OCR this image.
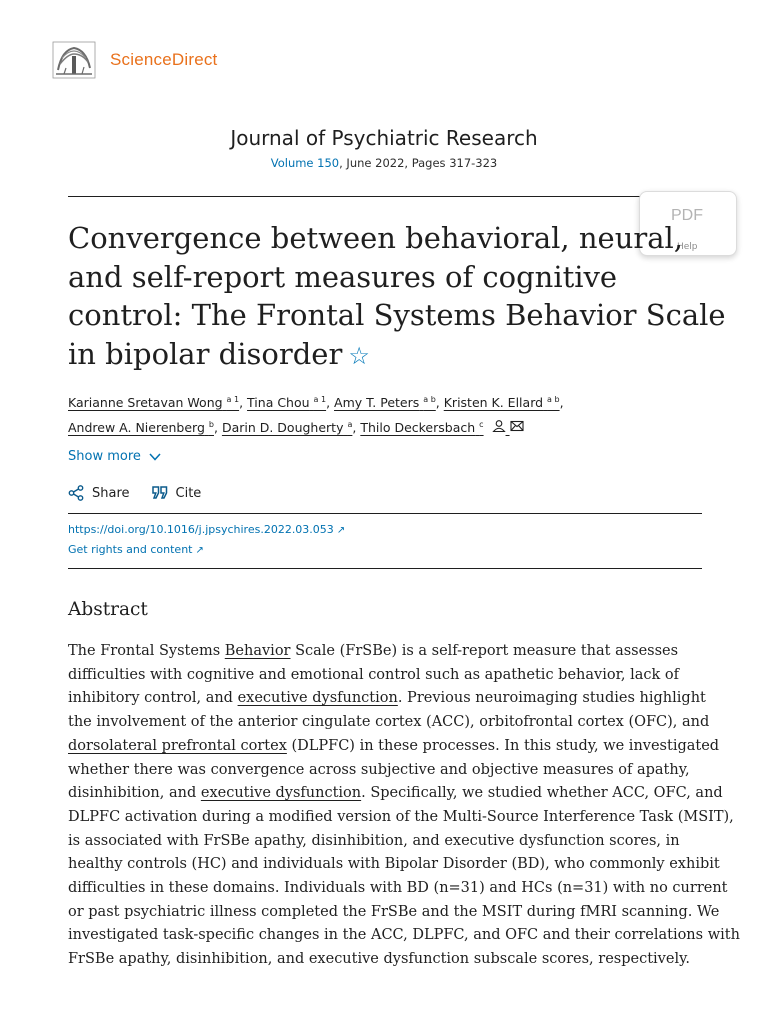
ScienceDirect
Journal of Psychiatric Research
Volume 150, June 2022, Pages 317-323
PDF
Help
Convergence between behavioral, neural,
and self-report measures of cognitive
control: The Frontal Systems Behavior Scale
in bipolar disorder ☆
Karianne Sretavan Wong $^{a 1}$, Tina Chou $^{a 1}$, Amy T. Peters $^{a b}$, Kristen K. Ellard $^{a b}$,
Andrew A. Nierenberg $^b$, Darin D. Dougherty $^a$, Thilo Deckersbach $^c$
Show more
Share	Cite
https://doi.org/10.1016/j.jpsychires.2022.03.053 ↗
Get rights and content ↗
Abstract
The Frontal Systems Behavior Scale (FrSBe) is a self-report measure that assesses
difficulties with cognitive and emotional control such as apathetic behavior, lack of
inhibitory control, and executive dysfunction. Previous neuroimaging studies highlight
the involvement of the anterior cingulate cortex (ACC), orbitofrontal cortex (OFC), and
dorsolateral prefrontal cortex (DLPFC) in these processes. In this study, we investigated
whether there was convergence across subjective and objective measures of apathy,
disinhibition, and executive dysfunction. Specifically, we studied whether ACC, OFC, and
DLPFC activation during a modified version of the Multi-Source Interference Task (MSIT),
is associated with FrSBe apathy, disinhibition, and executive dysfunction scores, in
healthy controls (HC) and individuals with Bipolar Disorder (BD), who commonly exhibit
difficulties in these domains. Individuals with BD (n=31) and HCs (n=31) with no current
or past psychiatric illness completed the FrSBe and the MSIT during fMRI scanning. We
investigated task-specific changes in the ACC, DLPFC, and OFC and their correlations with
FrSBe apathy, disinhibition, and executive dysfunction subscale scores, respectively.
